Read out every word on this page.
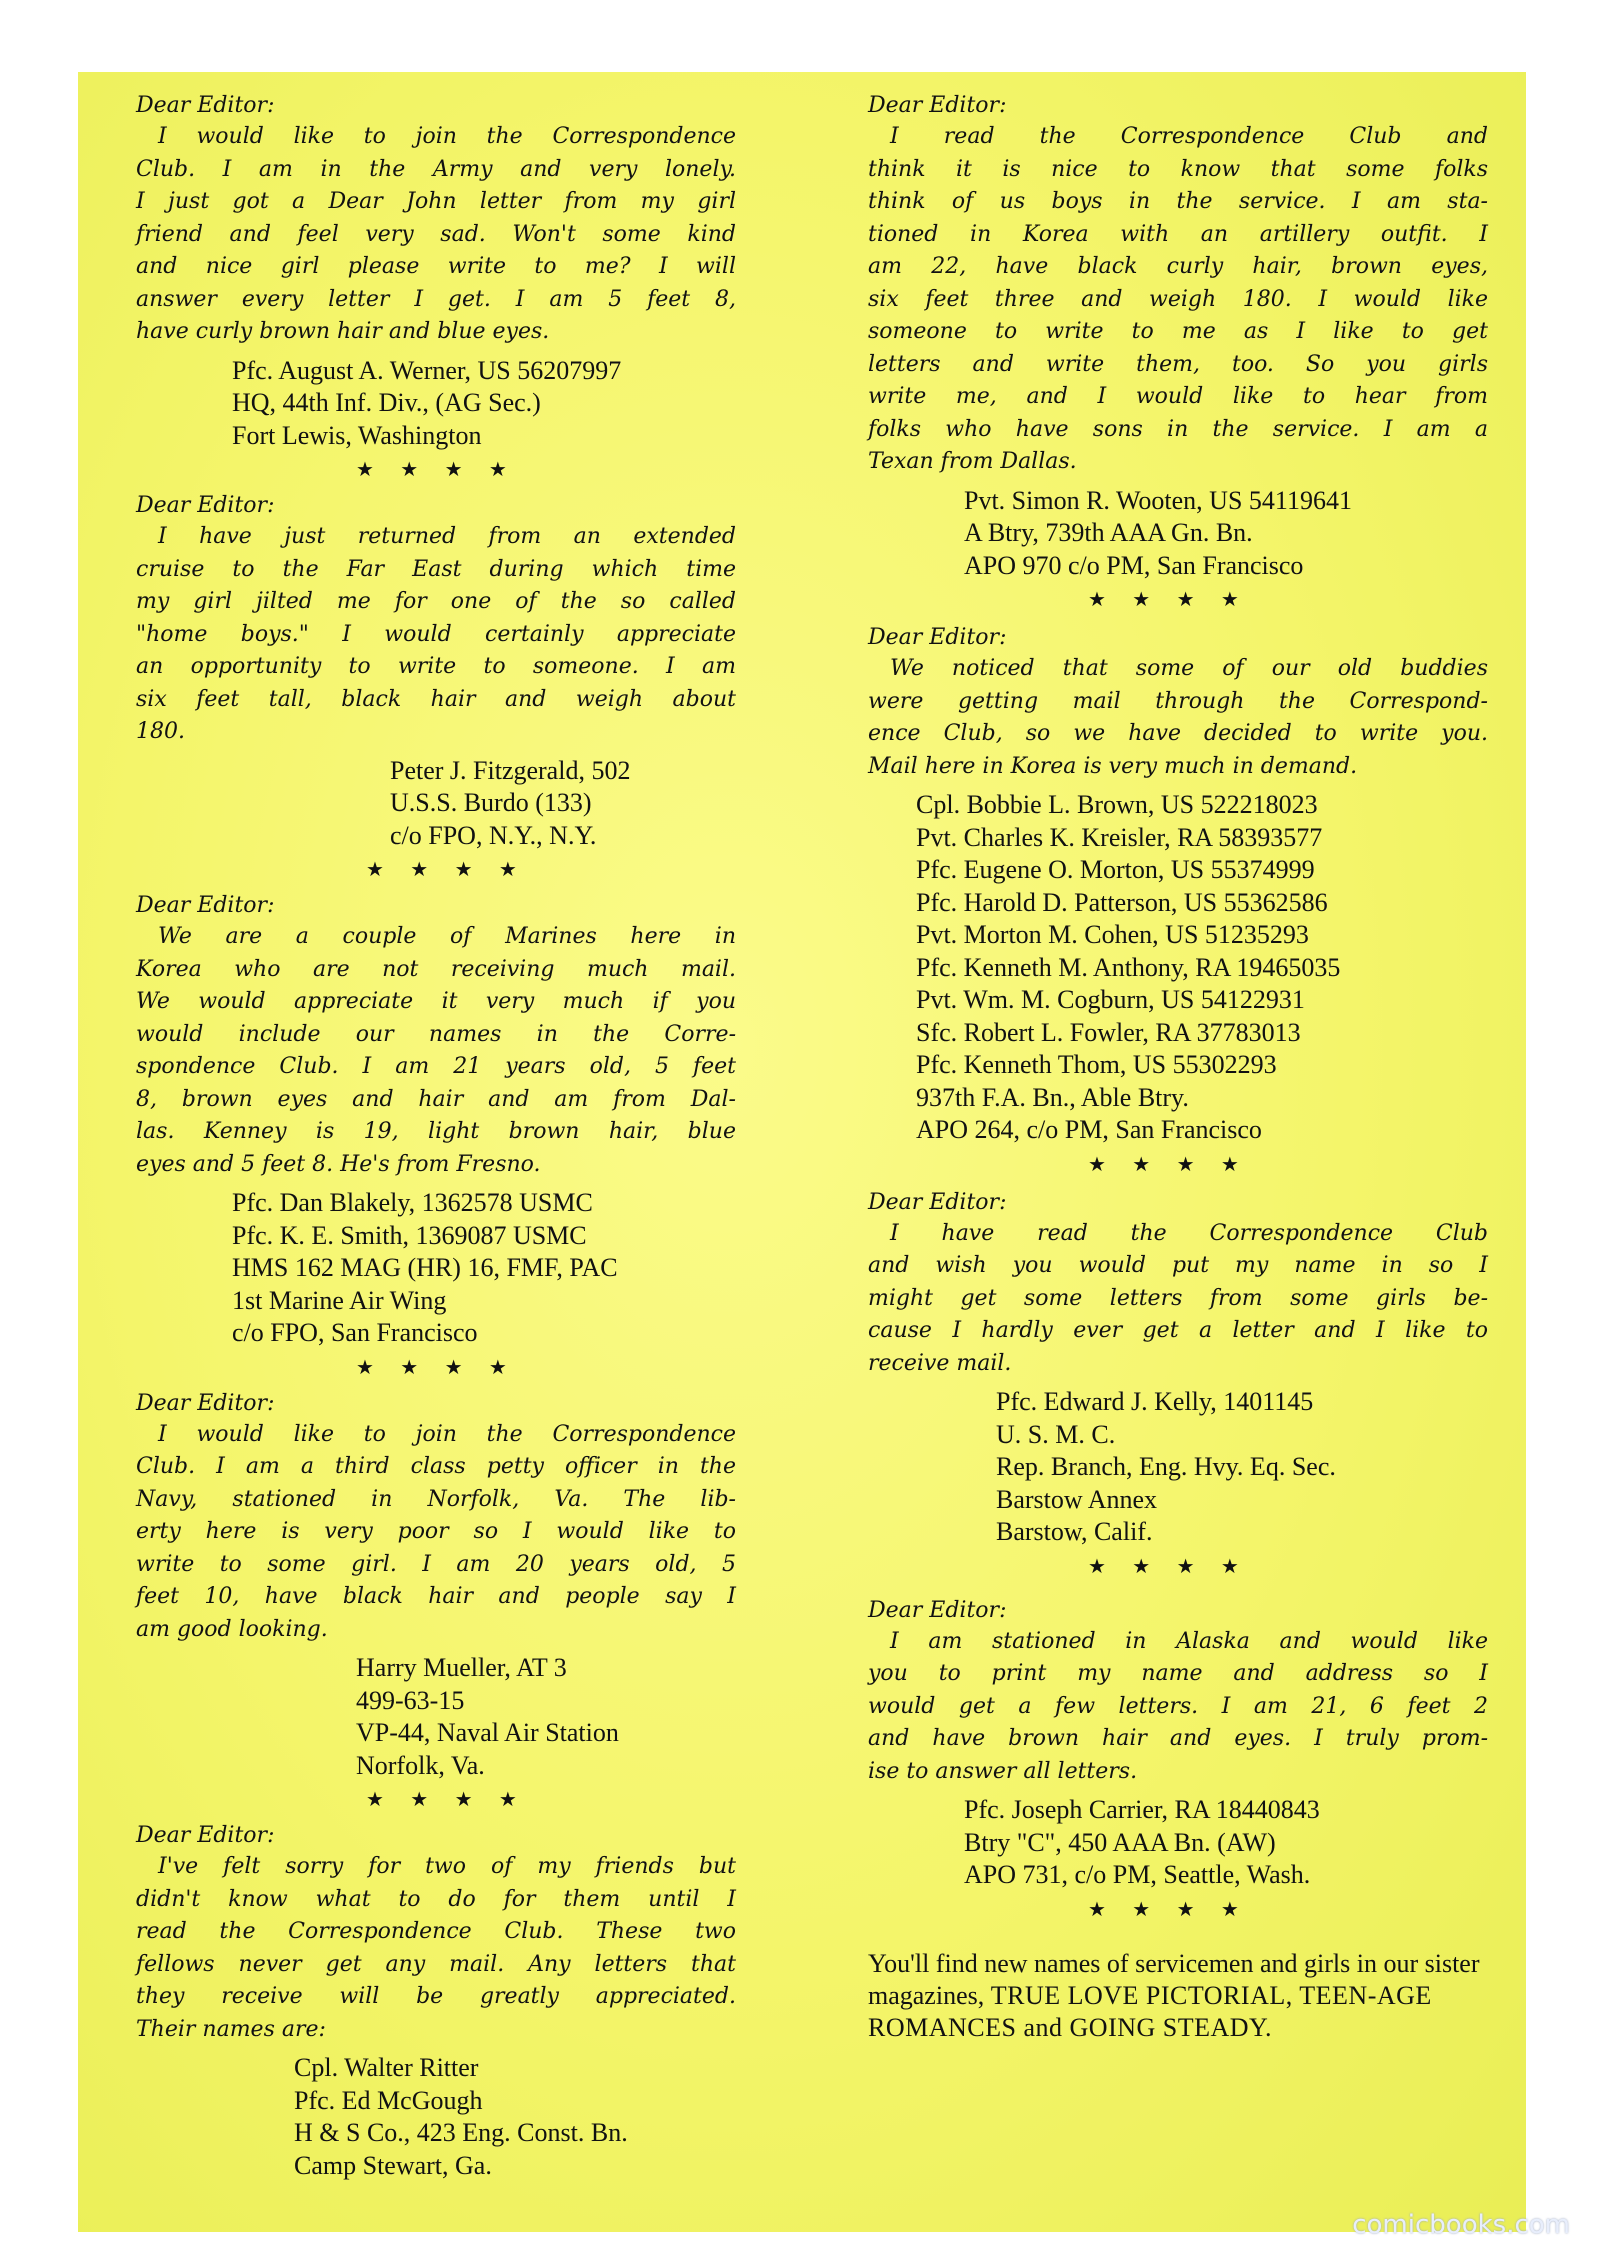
Dear Editor:

I would like to join the Correspondence
Club. I am in the Army and very lonely.
I just got a Dear John letter from my girl
friend and feel very sad. Won't some kind
and nice girl please write to me? I will
answer every letter I get. I am 5 feet 8,
have curly brown hair and blue eyes.
Pfc. August A. Werner, US 56207997
HQ, 44th Inf. Div., (AG Sec.)
Fort Lewis, Washington
★ ★ ★ ★

Dear Editor:

I have just returned from an extended
cruise to the Far East during which time
my girl jilted me for one of the so called
"home boys." I would certainly appreciate
an opportunity to write to someone. I am
six feet tall, black hair and weigh about
180.
Peter J. Fitzgerald, 502
U.S.S. Burdo (133)
c/o FPO, N.Y., N.Y.
★ ★ ★ ★

Dear Editor:

We are a couple of Marines here in
Korea who are not receiving much mail.
We would appreciate it very much if you
would include our names in the Corre-
spondence Club. I am 21 years old, 5 feet
8, brown eyes and hair and am from Dal-
las. Kenney is 19, light brown hair, blue
eyes and 5 feet 8. He's from Fresno.
Pfc. Dan Blakely, 1362578 USMC
Pfc. K. E. Smith, 1369087 USMC
HMS 162 MAG (HR) 16, FMF, PAC
1st Marine Air Wing
c/o FPO, San Francisco
★ ★ ★ ★

Dear Editor:

I would like to join the Correspondence
Club. I am a third class petty officer in the
Navy, stationed in Norfolk, Va. The lib-
erty here is very poor so I would like to
write to some girl. I am 20 years old, 5
feet 10, have black hair and people say I
am good looking.
Harry Mueller, AT 3
499-63-15
VP-44, Naval Air Station
Norfolk, Va.
★ ★ ★ ★

Dear Editor:

I've felt sorry for two of my friends but
didn't know what to do for them until I
read the Correspondence Club. These two
fellows never get any mail. Any letters that
they receive will be greatly appreciated.
Their names are:
Cpl. Walter Ritter
Pfc. Ed McGough
H & S Co., 423 Eng. Const. Bn.
Camp Stewart, Ga.

Dear Editor:

I read the Correspondence Club and
think it is nice to know that some folks
think of us boys in the service. I am sta-
tioned in Korea with an artillery outfit. I
am 22, have black curly hair, brown eyes,
six feet three and weigh 180. I would like
someone to write to me as I like to get
letters and write them, too. So you girls
write me, and I would like to hear from
folks who have sons in the service. I am a
Texan from Dallas.
Pvt. Simon R. Wooten, US 54119641
A Btry, 739th AAA Gn. Bn.
APO 970 c/o PM, San Francisco
★ ★ ★ ★

Dear Editor:

We noticed that some of our old buddies
were getting mail through the Correspond-
ence Club, so we have decided to write you.
Mail here in Korea is very much in demand.
Cpl. Bobbie L. Brown, US 522218023
Pvt. Charles K. Kreisler, RA 58393577
Pfc. Eugene O. Morton, US 55374999
Pfc. Harold D. Patterson, US 55362586
Pvt. Morton M. Cohen, US 51235293
Pfc. Kenneth M. Anthony, RA 19465035
Pvt. Wm. M. Cogburn, US 54122931
Sfc. Robert L. Fowler, RA 37783013
Pfc. Kenneth Thom, US 55302293
937th F.A. Bn., Able Btry.
APO 264, c/o PM, San Francisco
★ ★ ★ ★

Dear Editor:

I have read the Correspondence Club
and wish you would put my name in so I
might get some letters from some girls be-
cause I hardly ever get a letter and I like to
receive mail.
Pfc. Edward J. Kelly, 1401145
U. S. M. C.
Rep. Branch, Eng. Hvy. Eq. Sec.
Barstow Annex
Barstow, Calif.
★ ★ ★ ★

Dear Editor:

I am stationed in Alaska and would like
you to print my name and address so I
would get a few letters. I am 21, 6 feet 2
and have brown hair and eyes. I truly prom-
ise to answer all letters.
Pfc. Joseph Carrier, RA 18440843
Btry "C", 450 AAA Bn. (AW)
APO 731, c/o PM, Seattle, Wash.
★ ★ ★ ★
You'll find new names of servicemen and girls in our sister magazines, TRUE LOVE PICTORIAL, TEEN-AGE ROMANCES and GOING STEADY.
comicbooks.com
